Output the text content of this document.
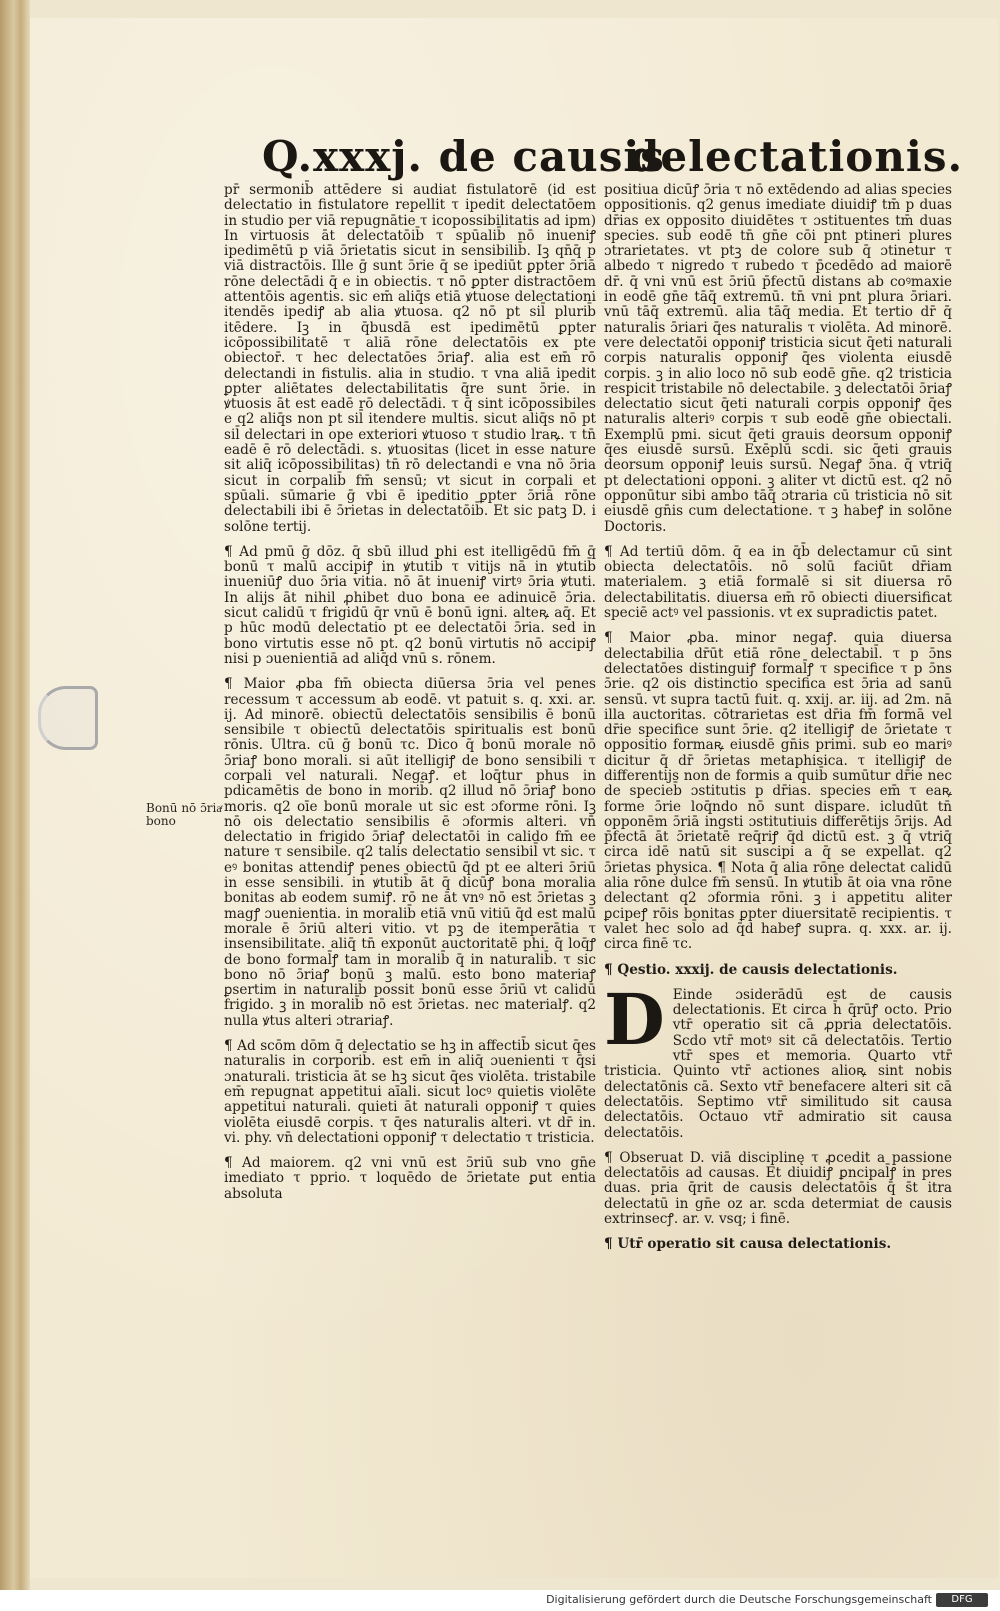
Q.xxxj. de causis
delectationis.
Bonū nō ɔ̄riaͬ bono

pr̄ sermonib̄ attēdere si audiat fistulatorē (id est delectatio in fistulatore repellit τ ipedit delectatōem in studio per viā repugnātie τ icopossibilitatis ad ipm) In virtuosis āt delectatōib̄ τ spūalib̄ nō inueniꝭ ipedimētū p viā ɔ̄rietatis sicut in sensibilib̄. Iꝫ qn̄q̄ p viā distractōis. Ille ḡ sunt ɔ̄rie q̄ se ipediūt ꝑpter ɔ̄riā rōne delectādi q̄ e in obiectis. τ nō ꝑpter distractōem attentōis agentis. sic em̄ aliq̄s etiā ꝟtuose delectationi itendēs ipediꝭ ab alia ꝟtuosa. q2 nō pt sil̄ plurib̄ itēdere. Iꝫ in q̄busdā est ipedimētū ꝑpter icōpossibilitatē τ aliā rōne delectatōis ex pte obiector̄. τ hec delectatōes ɔ̄riaꝭ. alia est em̄ rō delectandi in fistulis. alia in studio. τ vna aliā ipedit ꝑpter aliētates delectabilitatis q̄re sunt ɔ̄rie. in ꝟtuosis āt est eadē rō delectādi. τ q̄ sint icōpossibiles e q2 aliq̄s non pt sil̄ itendere multis. sicut aliq̄s nō pt sil̄ delectari in ope exteriori ꝟtuoso τ studio lraꝶ. τ tn̄ eadē ē rō delectādi. s. ꝟtuositas (licet in esse nature sit aliq̄ icōpossibilitas) tn̄ rō delectandi e vna nō ɔ̄ria sicut in corpalib̄ fm̄ sensū; vt sicut in corpali et spūali. sūmarie ḡ vbi ē ipeditio ꝑpter ɔ̄riā rōne delectabili ibi ē ɔ̄rietas in delectatōib̄. Et sic patꝫ D. i solōne tertij.

¶ Ad pmū ḡ dōz. q̄ sbū illud phi est itelligēdū fm̄ q̄ bonū τ malū accipiꝭ in ꝟtutib̄ τ vitijs nā in ꝟtutib̄ inueniūꝭ duo ɔ̄ria vitia. nō āt inueniꝭ virtꝰ ɔ̄ria ꝟtuti. In alijs āt nihil ꝓhibet duo bona ee adinuicē ɔ̄ria. sicut calidū τ frigidū q̄r vnū ē bonū igni. alteꝶ aq̄. Et p hūc modū delectatio pt ee delectatōi ɔ̄ria. sed in bono virtutis esse nō pt. q2 bonū virtutis nō accipiꝭ nisi p ɔuenientiā ad aliq̄d vnū s. rōnem.

¶ Maior ꝓba fm̄ obiecta diūersa ɔ̄ria vel penes recessum τ accessum ab eodē. vt patuit s. q. xxi. ar. ij. Ad minorē. obiectū delectatōis sensibilis ē bonū sensibile τ obiectū delectatōis spiritualis est bonū rōnis. Ultra. cū ḡ bonū τc. Dico q̄ bonū morale nō ɔ̄riaꝭ bono morali. si aūt itelligiꝭ de bono sensibili τ corpali vel naturali. Negaꝭ. et loq̄tur phus in pdicamētis de bono in morib̄. q2 illud nō ɔ̄riaꝭ bono moris. q2 oīe bonū morale ut sic est ɔforme rōni. Iꝫ nō ois delectatio sensibilis ē ɔformis alteri. vn̄ delectatio in frigido ɔ̄riaꝭ delectatōi in calido fm̄ ee nature τ sensibile. q2 talis delectatio sensibil̄ vt sic. τ eꝰ bonitas attendiꝭ penes obiectū q̄d pt ee alteri ɔ̄riū in esse sensibili. in ꝟtutib̄ āt q̄ dicūꝭ bona moralia bonitas ab eodem sumiꝭ. rō ne āt vnꝰ nō est ɔ̄rietas ꝫ magꝭ ɔuenientia. in moralib̄ etiā vnū vitiū q̄d est malū morale ē ɔ̄riū alteri vitio. vt pꝫ de itemperātia τ insensibilitate. aliq̄ tn̄ exponūt auctoritatē phi. q̄ loq̄ꝭ de bono formal̄ꝭ tam in moralib̄ q̄ in naturalib̄. τ sic bono nō ɔ̄riaꝭ bonū ꝫ malū. esto bono materiaꝭ ꝑsertim in naturalib̄ possit bonū esse ɔ̄riū vt calidū frigido. ꝫ in moralib̄ nō est ɔ̄rietas. nec materialꝭ. q2 nulla ꝟtus alteri ɔtrariaꝭ.

¶ Ad scōm dōm q̄ delectatio se hꝫ in affectib̄ sicut q̄es naturalis in corporib̄. est em̄ in aliq̄ ɔuenienti τ q̄si ɔnaturali. tristicia āt se hꝫ sicut q̄es violēta. tristabile em̄ repugnat appetitui aīali. sicut locꝰ quietis violēte appetitui naturali. quieti āt naturali opponiꝭ τ quies violēta eiusdē corpis. τ q̄es naturalis alteri. vt dr̄ in. vi. phy. vn̄ delectationi opponiꝭ τ delectatio τ tristicia.

¶ Ad maiorem. q2 vni vnū est ɔ̄riū sub vno gn̄e imediato τ pprio. τ loquēdo de ɔ̄rietate ꝑut entia absoluta

positiua dicūꝭ ɔ̄ria τ nō extēdendo ad alias species oppositionis. q2 genus imediate diuidiꝭ tm̄ p duas dr̄ias ex opposito diuidētes τ ɔstituentes tm̄ duas species. sub eodē tn̄ gn̄e cōi pnt ptineri plures ɔtrarietates. vt ptꝫ de colore sub q̄ ɔtinetur τ albedo τ nigredo τ rubedo τ p̄cedēdo ad maiorē dr̄. q̄ vni vnū est ɔ̄riū p̄fectū distans ab coꝰmaxie in eodē gn̄e tāq̄ extremū. tn̄ vni pnt plura ɔ̄riari. vnū tāq̄ extremū. alia tāq̄ media. Et tertio dr̄ q̄ naturalis ɔ̄riari q̄es naturalis τ violēta. Ad minorē. vere delectatōi opponiꝭ tristicia sicut q̄eti naturali corpis naturalis opponiꝭ q̄es violenta eiusdē corpis. ꝫ in alio loco nō sub eodē gn̄e. q2 tristicia respicit tristabile nō delectabile. ꝫ delectatōi ɔ̄riaꝭ delectatio sicut q̄eti naturali corpis opponiꝭ q̄es naturalis alteriꝰ corpis τ sub eodē gn̄e obiectali. Exemplū pmi. sicut q̄eti grauis deorsum opponiꝭ q̄es eiusdē sursū. Exēplū scdi. sic q̄eti grauis deorsum opponiꝭ leuis sursū. Negaꝭ ɔ̄na. q̄ vtriq̄ pt delectationi opponi. ꝫ aliter vt dictū est. q2 nō opponūtur sibi ambo tāq̄ ɔtraria cū tristicia nō sit eiusdē gn̄is cum delectatione. τ ꝫ habeꝭ in solōne Doctoris.

¶ Ad tertiū dōm. q̄ ea in q̄b̄ delectamur cū sint obiecta delectatōis. nō solū faciūt dr̄iam materialem. ꝫ etiā formalē si sit diuersa rō delectabilitatis. diuersa em̄ rō obiecti diuersificat speciē actꝰ vel passionis. vt ex supradictis patet.

¶ Maior ꝓba. minor negaꝭ. quia diuersa delectabilia dr̄ūt etiā rōne delectabil̄. τ p ɔ̄ns delectatōes distinguiꝭ formal̄ꝭ τ specifice τ p ɔ̄ns ɔ̄rie. q2 ois distinctio specifica est ɔ̄ria ad sanū sensū. vt supra tactū fuit. q. xxij. ar. iij. ad 2m. nā illa auctoritas. cōtrarietas est dr̄ia fm̄ formā vel dr̄ie specifice sunt ɔ̄rie. q2 itelligiꝭ de ɔ̄rietate τ oppositio formaꝶ eiusdē gn̄is primi. sub eo mariꝰ dicitur q̄ dr̄ ɔ̄rietas metaphisica. τ itelligiꝭ de differentijs non de formis a quib̄ sumūtur dr̄ie nec de specieb̄ ɔstitutis p dr̄ias. species em̄ τ eaꝶ forme ɔ̄rie loq̄ndo nō sunt dispare. icludūt tn̄ opponēm ɔ̄riā ingsti ɔstitutiuis differētijs ɔ̄rijs. Ad p̄fectā āt ɔ̄rietatē req̄riꝭ q̄d dictū est. ꝫ q̄ vtriq̄ circa idē natū sit suscipi a q̄ se expellat. q2 ɔ̄rietas physica. ¶ Nota q̄ alia rōne delectat calidū alia rōne dulce fm̄ sensū. In ꝟtutib̄ āt oia vna rōne delectant q2 ɔformia rōni. ꝫ i appetitu aliter ꝑcipeꝭ rōis bonitas ꝑpter diuersitatē recipientis. τ valet hec sol̄o ad q̄d habeꝭ supra. q. xxx. ar. ij. circa finē τc.

¶ Qestio. xxxij. de causis delectationis.

D Einde ɔsiderādū est de causis delectationis. Et circa h̄ q̄rūꝭ octo. Prio vtr̄ operatio sit cā ꝓpria delectatōis. Scdo vtr̄ motꝰ sit cā delectatōis. Tertio vtr̄ spes et memoria. Quarto vtr̄ tristicia. Quinto vtr̄ actiones alioꝶ sint nobis delectatōnis cā. Sexto vtr̄ benefacere alteri sit cā delectatōis. Septimo vtr̄ similitudo sit causa delectatōis. Octauo vtr̄ admiratio sit causa delectatōis.

¶ Obseruat D. viā disciplinę τ ꝓcedit a passione delectatōis ad causas. Et diuidiꝭ ꝑncipal̄ꝭ in pres duas. pria q̄rit de causis delectatōis q̄ s̄t itra delectatū in gn̄e oz ar. scda determiat de causis extrinsecꝭ. ar. v. vsq; i finē.

¶ Utr̄ operatio sit causa delectationis.

Digitalisierung gefördert durch die Deutsche Forschungsgemeinschaft	DFG
